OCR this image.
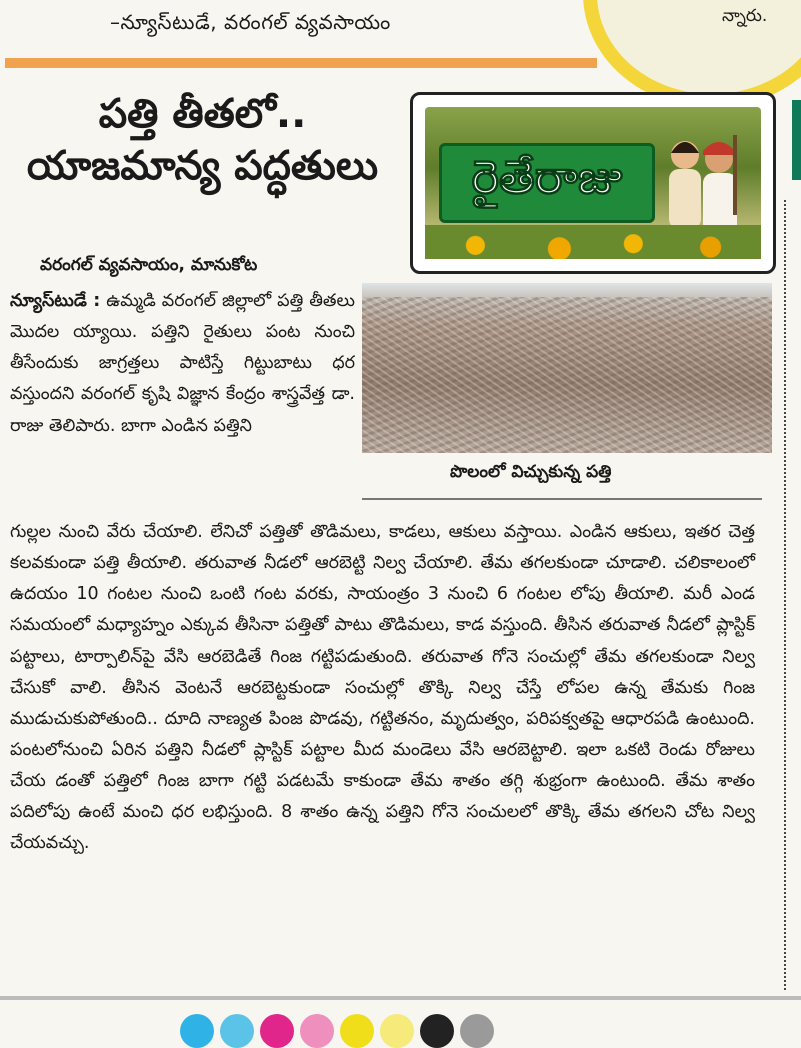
న్నారు.
–న్యూస్‌టుడే, వరంగల్ వ్యవసాయం
పత్తి తీతలో..
యాజమాన్య పద్ధతులు	రైతేరాజు
వరంగల్ వ్యవసాయం, మానుకోట
న్యూస్‌టుడే : ఉమ్మడి వరంగల్ జిల్లాలో పత్తి తీతలు మొదల య్యాయి. పత్తిని రైతులు పంట నుంచి తీసేందుకు జాగ్రత్తలు పాటిస్తే గిట్టుబాటు ధర వస్తుందని వరంగల్ కృషి విజ్ఞాన కేంద్రం శాస్త్రవేత్త డా. రాజు తెలిపారు. బాగా ఎండిన పత్తిని
పొలంలో విచ్చుకున్న పత్తి
గుల్లల నుంచి వేరు చేయాలి. లేనిచో పత్తితో తొడిమలు, కాడలు, ఆకులు వస్తాయి. ఎండిన ఆకులు, ఇతర చెత్త కలవకుండా పత్తి తీయాలి. తరువాత నీడలో ఆరబెట్టి నిల్వ చేయాలి. తేమ తగలకుండా చూడాలి. చలికాలంలో ఉదయం 10 గంటల నుంచి ఒంటి గంట వరకు, సాయంత్రం 3 నుంచి 6 గంటల లోపు తీయాలి. మరీ ఎండ సమయంలో మధ్యాహ్నం ఎక్కువ తీసినా పత్తితో పాటు తొడిమలు, కాడ వస్తుంది. తీసిన తరువాత నీడలో ప్లాస్టిక్ పట్టాలు, టార్పాలిన్‌పై వేసి ఆరబెడితే గింజ గట్టిపడుతుంది. తరువాత గోనె సంచుల్లో తేమ తగలకుండా నిల్వ చేసుకో వాలి. తీసిన వెంటనే ఆరబెట్టకుండా సంచుల్లో తొక్కి నిల్వ చేస్తే లోపల ఉన్న తేమకు గింజ ముడుచుకుపోతుంది.. దూది నాణ్యత పింజ పొడవు, గట్టితనం, మృదుత్వం, పరిపక్వతపై ఆధారపడి ఉంటుంది. పంటలోనుంచి ఏరిన పత్తిని నీడలో ప్లాస్టిక్ పట్టాల మీద మండెలు వేసి ఆరబెట్టాలి. ఇలా ఒకటి రెండు రోజులు చేయ డంతో పత్తిలో గింజ బాగా గట్టి పడటమే కాకుండా తేమ శాతం తగ్గి శుభ్రంగా ఉంటుంది. తేమ శాతం పదిలోపు ఉంటే మంచి ధర లభిస్తుంది. 8 శాతం ఉన్న పత్తిని గోనె సంచులలో తొక్కి తేమ తగలని చోట నిల్వ చేయవచ్చు.
